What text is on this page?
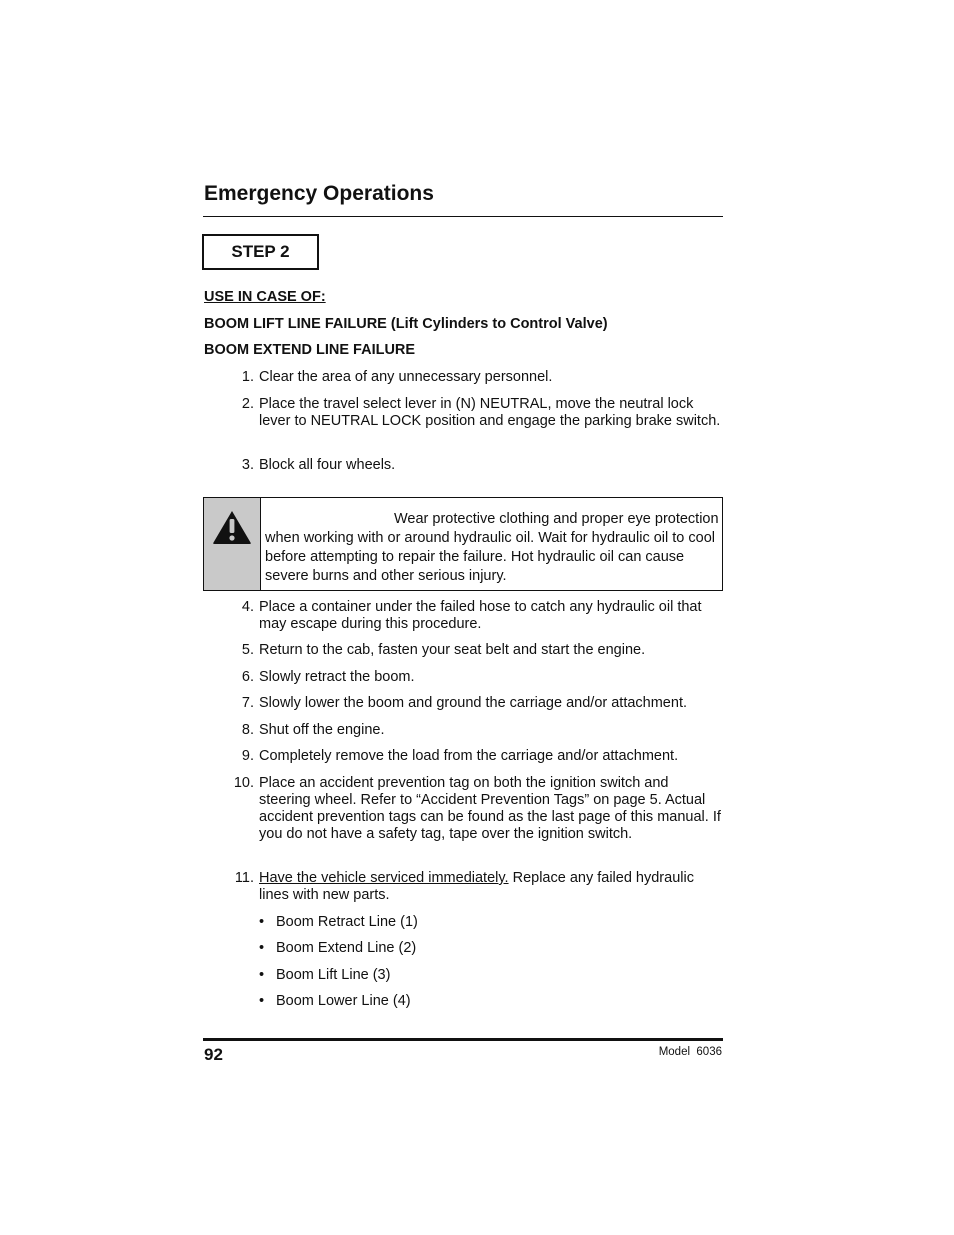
Emergency Operations
STEP 2

USE IN CASE OF:

BOOM LIFT LINE FAILURE (Lift Cylinders to Control Valve)

BOOM EXTEND LINE FAILURE

1. Clear the area of any unnecessary personnel.
2. Place the travel select lever in (N) NEUTRAL, move the neutral lock lever to NEUTRAL LOCK position and engage the parking brake switch.
3. Block all four wheels.
Wear protective clothing and proper eye protection when working with or around hydraulic oil. Wait for hydraulic oil to cool before attempting to repair the failure. Hot hydraulic oil can cause severe burns and other serious injury.
4. Place a container under the failed hose to catch any hydraulic oil that may escape during this procedure.
5. Return to the cab, fasten your seat belt and start the engine.
6. Slowly retract the boom.
7. Slowly lower the boom and ground the carriage and/or attachment.
8. Shut off the engine.
9. Completely remove the load from the carriage and/or attachment.
10. Place an accident prevention tag on both the ignition switch and steering wheel. Refer to “Accident Prevention Tags” on page 5. Actual accident prevention tags can be found as the last page of this manual. If you do not have a safety tag, tape over the ignition switch.
11. Have the vehicle serviced immediately. Replace any failed hydraulic lines with new parts.
• Boom Retract Line (1)
• Boom Extend Line (2)
• Boom Lift Line (3)
• Boom Lower Line (4)
92	Model  6036
